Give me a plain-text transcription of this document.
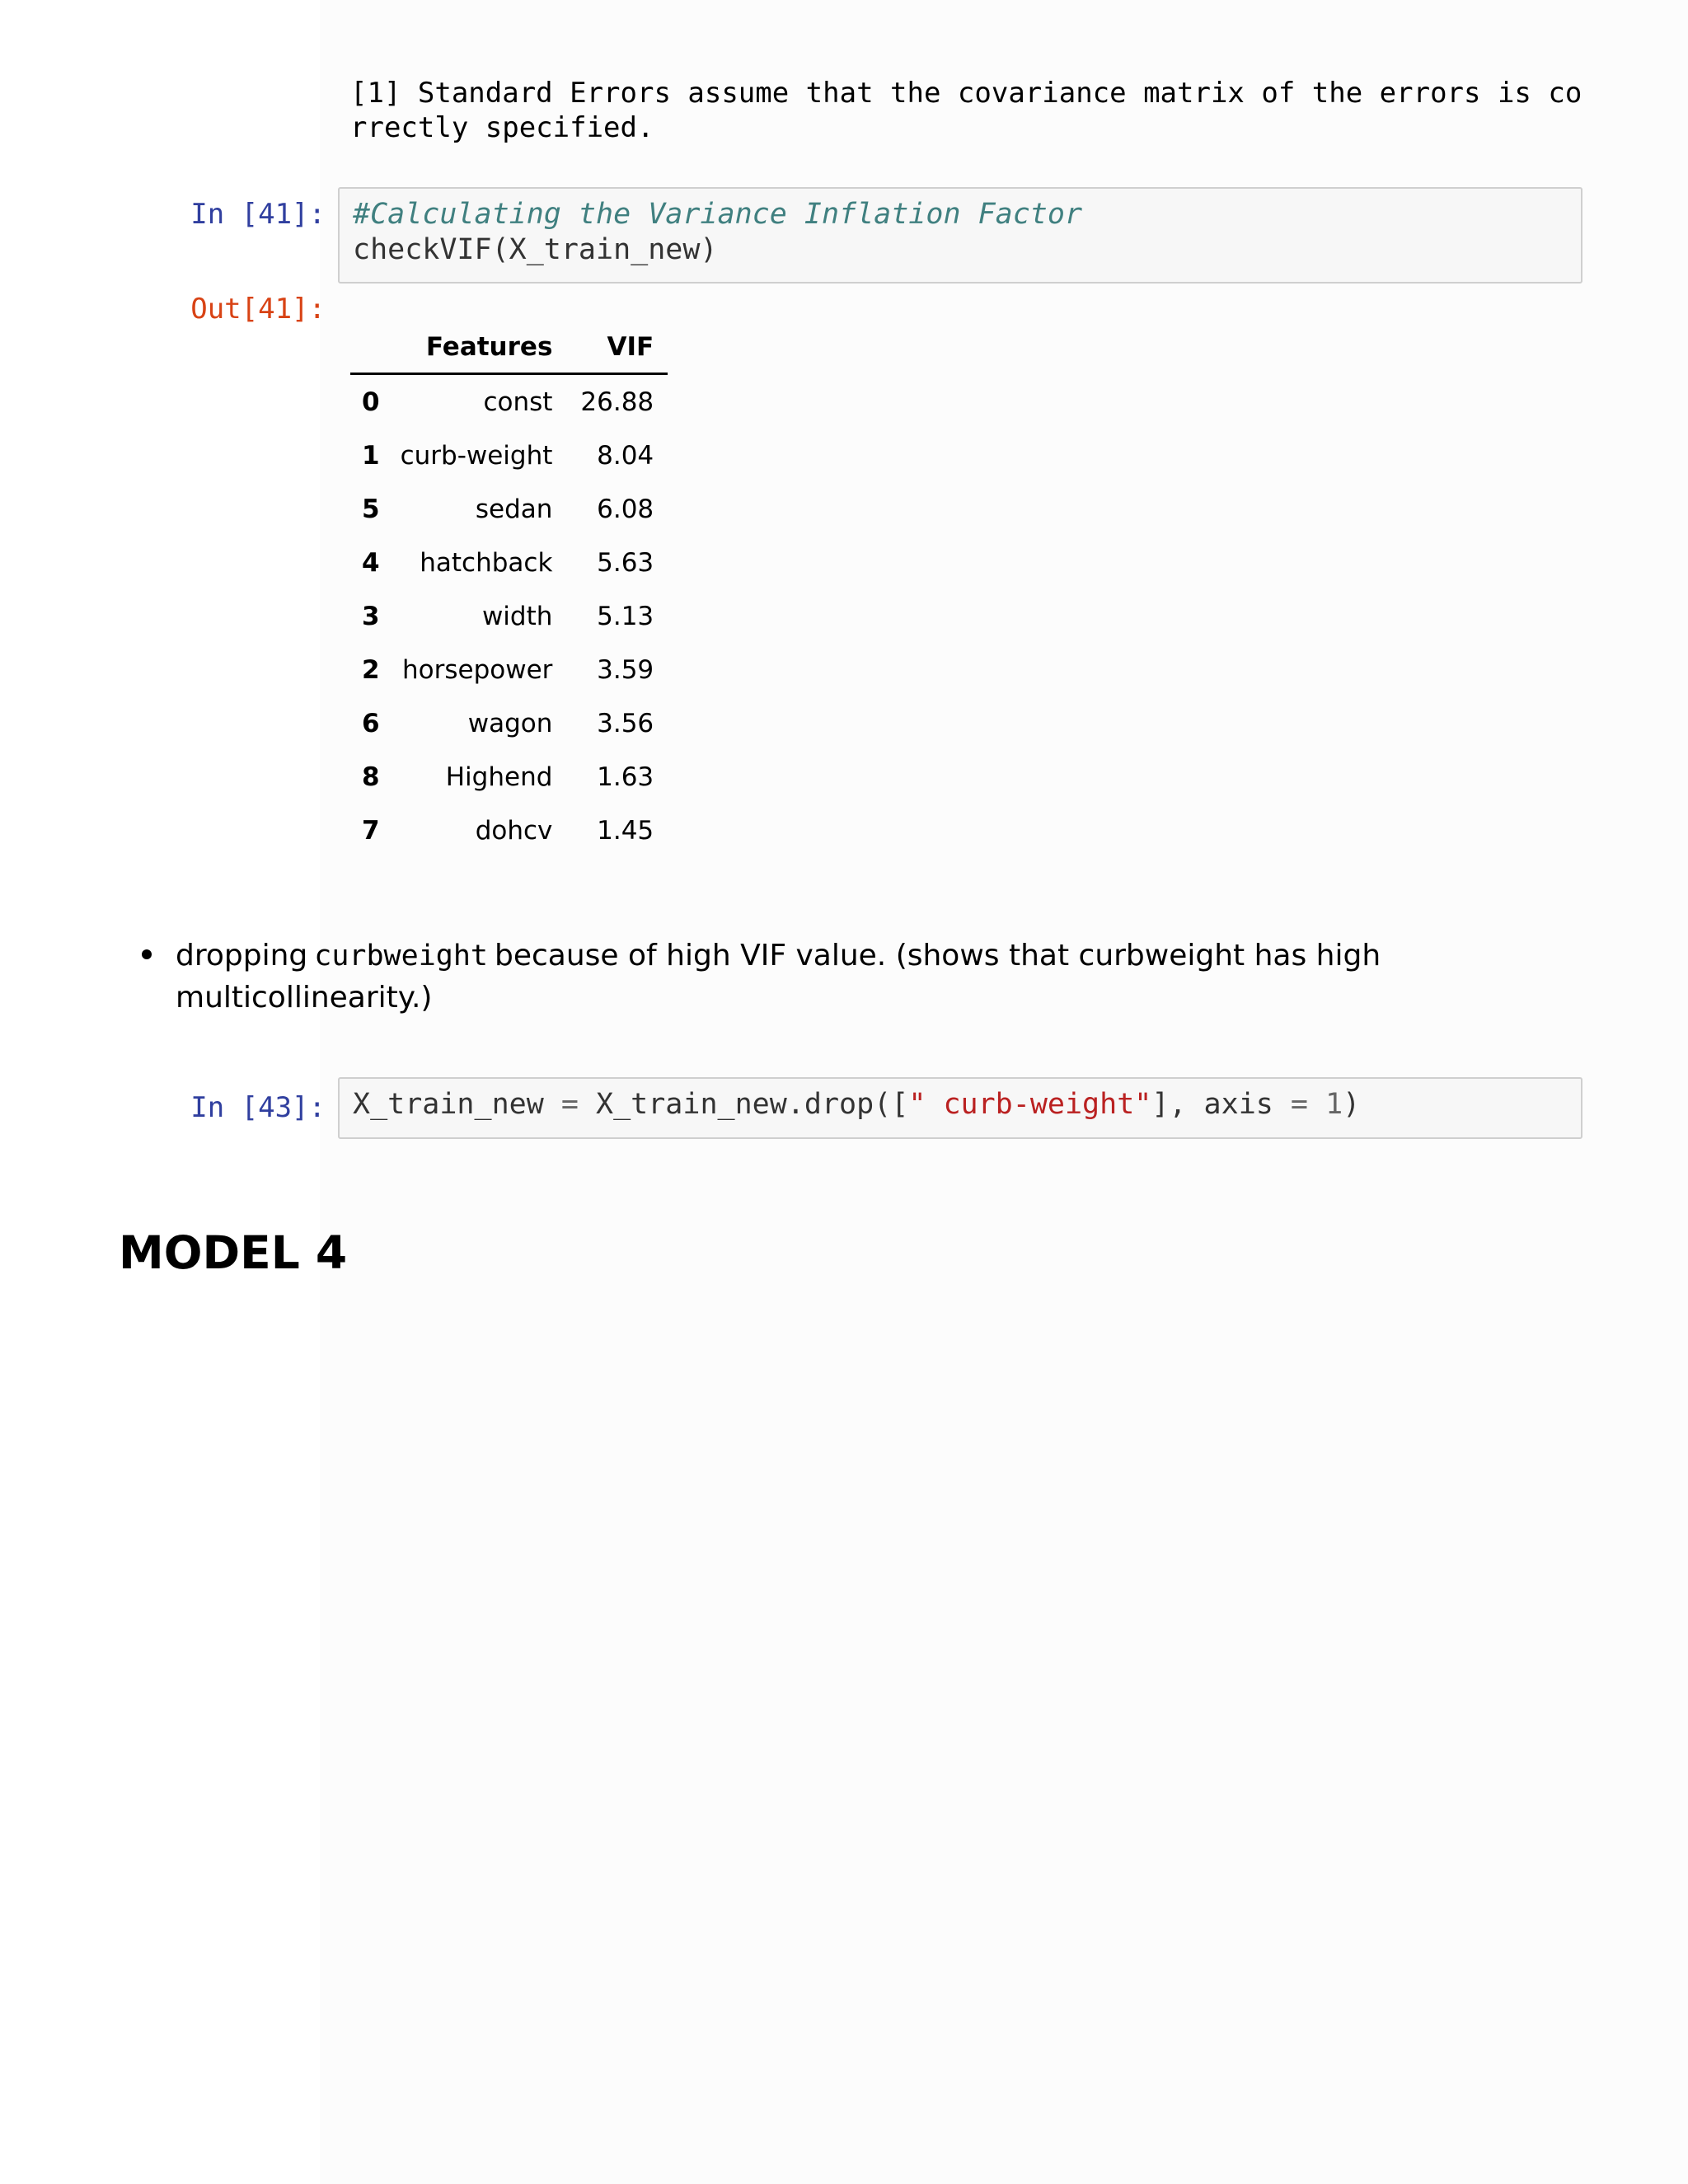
[1] Standard Errors assume that the covariance matrix of the errors is co
rrectly specified.
In [41]: #Calculating the Variance Inflation Factor
checkVIF(X_train_new)
Out[41]:
	Features	VIF
0	const	26.88
1	curb-weight	8.04
5	sedan	6.08
4	hatchback	5.63
3	width	5.13
2	horsepower	3.59
6	wagon	3.56
8	Highend	1.63
7	dohcv	1.45
dropping curbweight because of high VIF value. (shows that curbweight has high
multicollinearity.)
In [43]: X_train_new = X_train_new.drop([" curb-weight"], axis = 1)
MODEL 4
